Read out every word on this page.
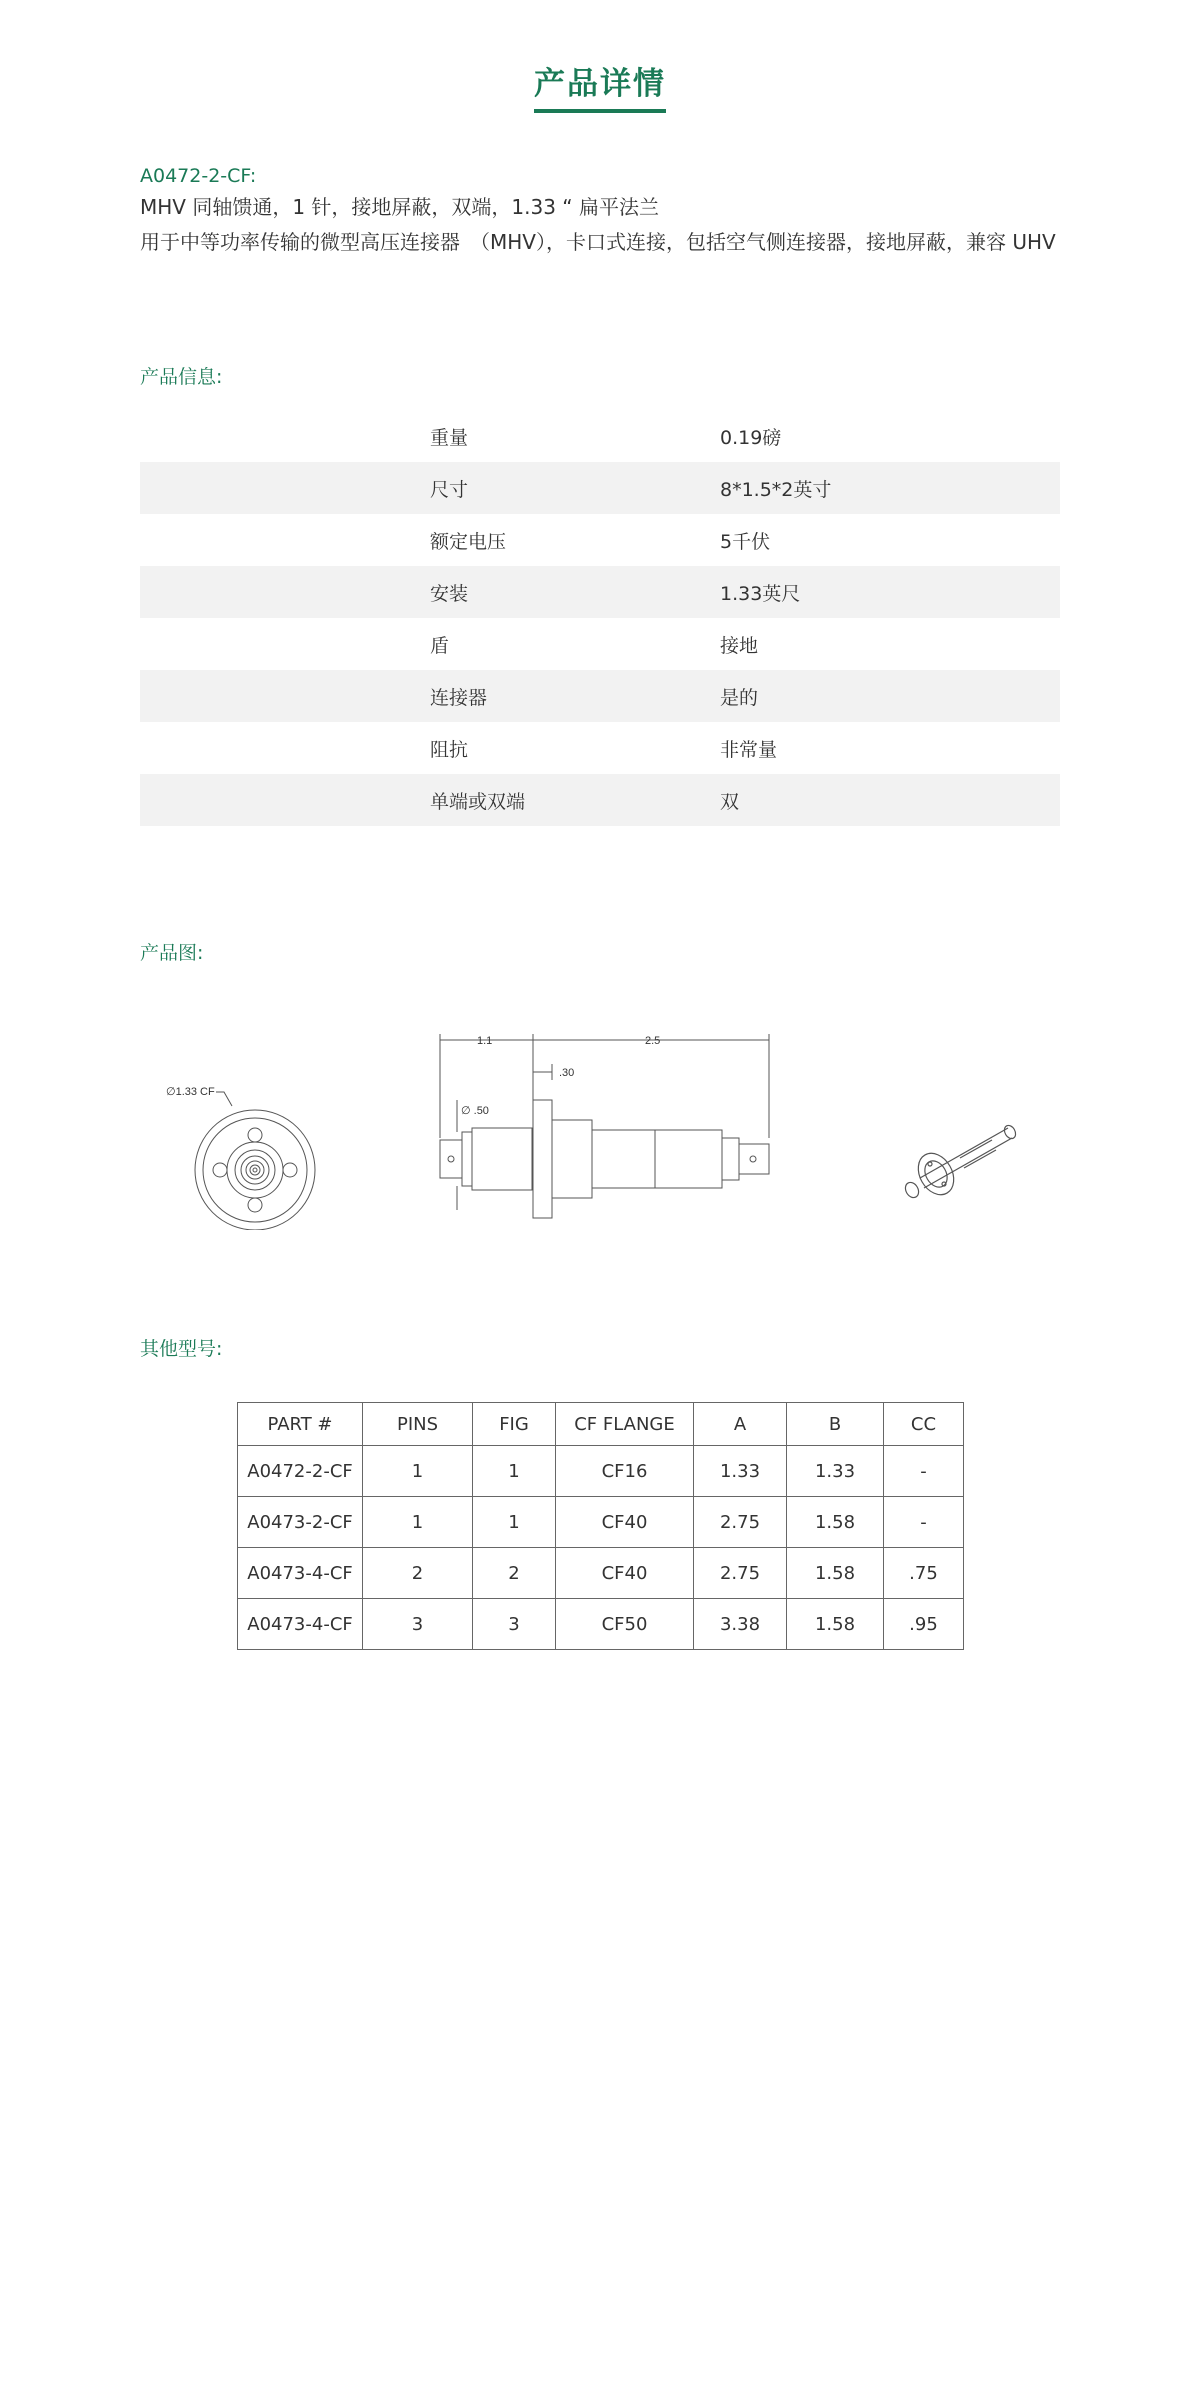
产品详情
A0472-2-CF:
MHV 同轴馈通，1 针，接地屏蔽，双端，1.33 “ 扁平法兰
用于中等功率传输的微型高压连接器　（MHV），卡口式连接，包括空气侧连接器，接地屏蔽，兼容 UHV
产品信息:
重量	0.19磅
尺寸	8*1.5*2英寸
额定电压	5千伏
安装	1.33英尺
盾	接地
连接器	是的
阻抗	非常量
单端或双端	双
产品图:
∅1.33 CF
1.1	2.5
.30
∅ .50
其他型号:
PART #	PINS	FIG	CF FLANGE	A	B	CC
A0472-2-CF	1	1	CF16	1.33	1.33	-
A0473-2-CF	1	1	CF40	2.75	1.58	-
A0473-4-CF	2	2	CF40	2.75	1.58	.75
A0473-4-CF	3	3	CF50	3.38	1.58	.95
